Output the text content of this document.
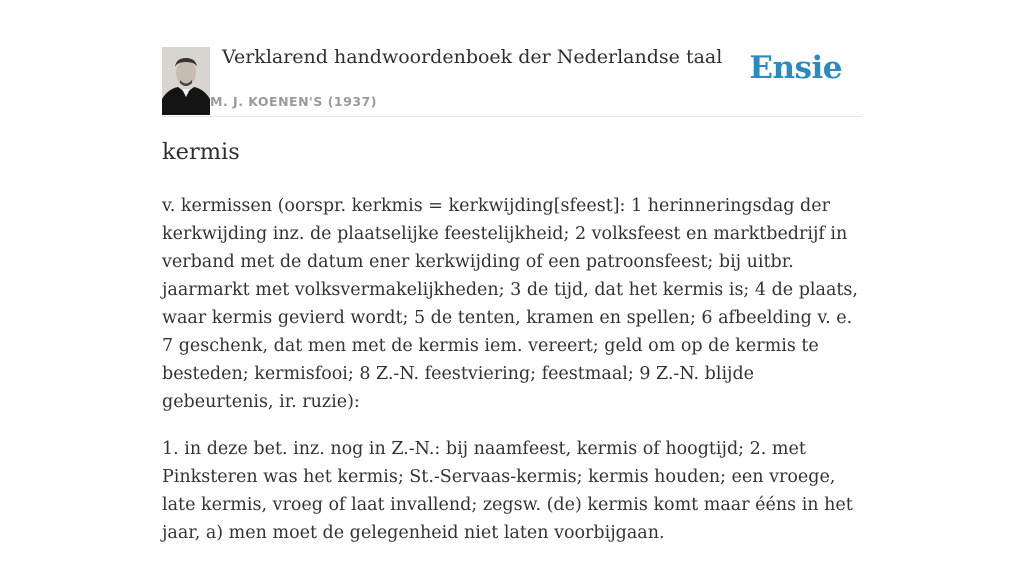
Verklarend handwoordenboek der Nederlandse taal
M. J. KOENEN'S (1937)
Ensie
kermis

v. kermissen (oorspr. kerkmis = kerkwijding[sfeest]: 1 herinneringsdag der kerkwijding inz. de plaatselijke feestelijkheid; 2 volksfeest en marktbedrijf in verband met de datum ener kerkwijding of een patroonsfeest; bij uitbr. jaarmarkt met volksvermakelijkheden; 3 de tijd, dat het kermis is; 4 de plaats, waar kermis gevierd wordt; 5 de tenten, kramen en spellen; 6 afbeelding v. e. 7 geschenk, dat men met de kermis iem. vereert; geld om op de kermis te besteden; kermisfooi; 8 Z.-N. feestviering; feestmaal; 9 Z.-N. blijde gebeurtenis, ir. ruzie):

1. in deze bet. inz. nog in Z.-N.: bij naamfeest, kermis of hoogtijd; 2. met Pinksteren was het kermis; St.-Servaas-kermis; kermis houden; een vroege, late kermis, vroeg of laat invallend; zegsw. (de) kermis komt maar ééns in het jaar, a) men moet de gelegenheid niet laten voorbijgaan.
